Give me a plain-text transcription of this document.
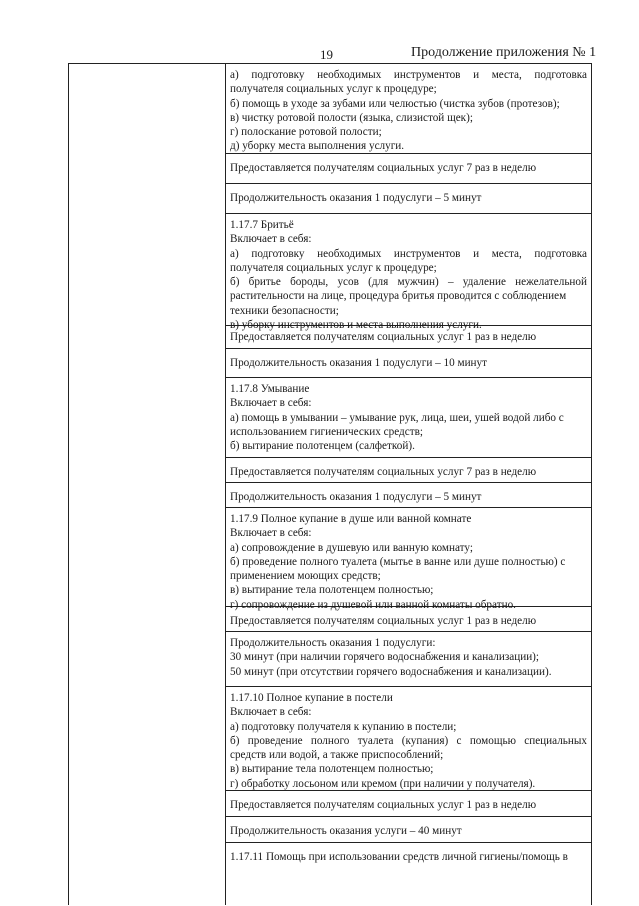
19	Продолжение приложения № 1
а) подготовку необходимых инструментов и места, подготовка
получателя социальных услуг к процедуре;
б) помощь в уходе за зубами или челюстью (чистка зубов (протезов);
в) чистку ротовой полости (языка, слизистой щек);
г) полоскание ротовой полости;
д) уборку места выполнения услуги.
Предоставляется получателям социальных услуг 7 раз в неделю
Продолжительность оказания 1 подуслуги – 5 минут
1.17.7 Бритьё
Включает в себя:
а) подготовку необходимых инструментов и места, подготовка
получателя социальных услуг к процедуре;
б) бритье бороды, усов (для мужчин) – удаление нежелательной
растительности на лице, процедура бритья проводится с соблюдением
техники безопасности;
в) уборку инструментов и места выполнения услуги.
Предоставляется получателям социальных услуг 1 раз в неделю
Продолжительность оказания 1 подуслуги – 10 минут
1.17.8 Умывание
Включает в себя:
а) помощь в умывании – умывание рук, лица, шеи, ушей водой либо с
использованием гигиенических средств;
б) вытирание полотенцем (салфеткой).
Предоставляется получателям социальных услуг 7 раз в неделю
Продолжительность оказания 1 подуслуги – 5 минут
1.17.9 Полное купание в душе или ванной комнате
Включает в себя:
а) сопровождение в душевую или ванную комнату;
б) проведение полного туалета (мытье в ванне или душе полностью) с
применением моющих средств;
в) вытирание тела полотенцем полностью;
г) сопровождение из душевой или ванной комнаты обратно.
Предоставляется получателям социальных услуг 1 раз в неделю
Продолжительность оказания 1 подуслуги:
30 минут (при наличии горячего водоснабжения и канализации);
50 минут (при отсутствии горячего водоснабжения и канализации).
1.17.10 Полное купание в постели
Включает в себя:
а) подготовку получателя к купанию в постели;
б) проведение полного туалета (купания) с помощью специальных
средств или водой, а также приспособлений;
в) вытирание тела полотенцем полностью;
г) обработку лосьоном или кремом (при наличии у получателя).
Предоставляется получателям социальных услуг 1 раз в неделю
Продолжительность оказания услуги – 40 минут
1.17.11 Помощь при использовании средств личной гигиены/помощь в
